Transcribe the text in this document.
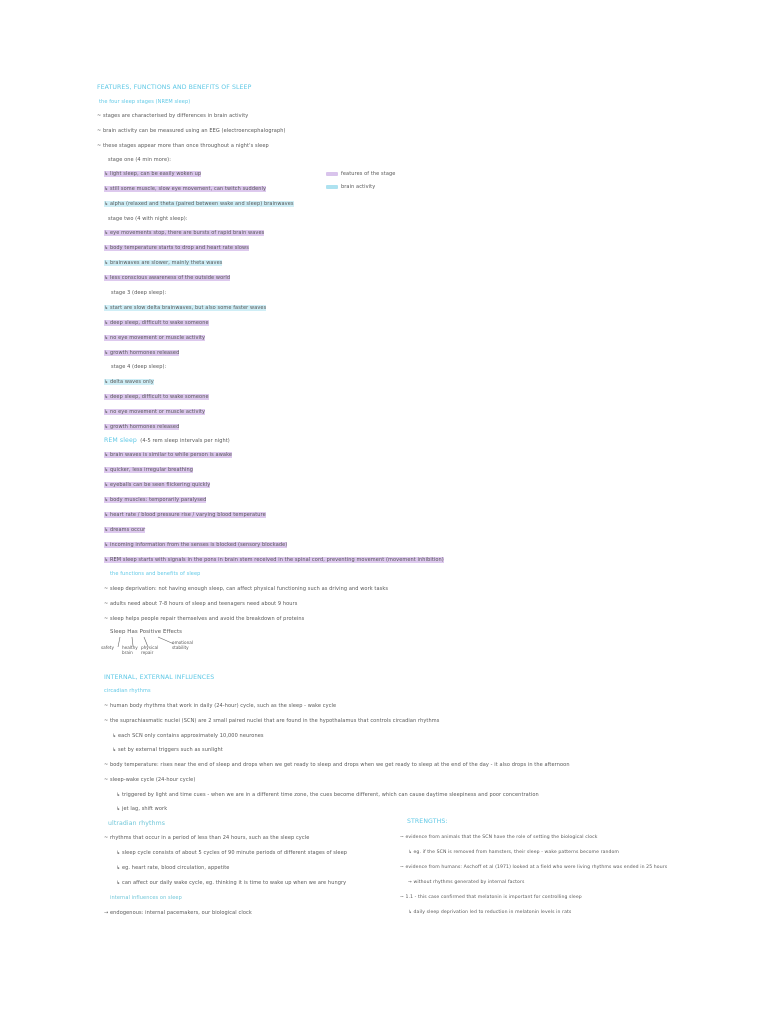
FEATURES, FUNCTIONS AND BENEFITS OF SLEEP
the four sleep stages (NREM sleep)
~ stages are characterised by differences in brain activity
~ brain activity can be measured using an EEG (electroencephalograph)
~ these stages appear more than once throughout a night's sleep
stage one (4 min more):
↳ light sleep, can be easily woken up
↳ still some muscle, slow eye movement, can twitch suddenly
↳ alpha (relaxed and theta (paired between wake and sleep) brainwaves
features of the stage
brain activity
stage two (4 with night sleep):
↳ eye movements stop, there are bursts of rapid brain waves
↳ body temperature starts to drop and heart rate slows
↳ brainwaves are slower, mainly theta waves
↳ less conscious awareness of the outside world
stage 3 (deep sleep):
↳ start are slow delta brainwaves, but also some faster waves
↳ deep sleep, difficult to wake someone
↳ no eye movement or muscle activity
↳ growth hormones released
stage 4 (deep sleep):
↳ delta waves only
↳ deep sleep, difficult to wake someone
↳ no eye movement or muscle activity
↳ growth hormones released
REM sleep (4-5 rem sleep intervals per night)
↳ brain waves is similar to while person is awake
↳ quicker, less irregular breathing
↳ eyeballs can be seen flickering quickly
↳ body muscles: temporarily paralysed
↳ heart rate / blood pressure rise / varying blood temperature
↳ dreams occur
↳ incoming information from the senses is blocked (sensory blockade)
↳ REM sleep starts with signals in the pons in brain stem received in the spinal cord, preventing movement (movement inhibition)
the functions and benefits of sleep
~ sleep deprivation: not having enough sleep, can affect physical functioning such as driving and work tasks
~ adults need about 7-8 hours of sleep and teenagers need about 9 hours
~ sleep helps people repair themselves and avoid the breakdown of proteins
Sleep Has Positive Effects
safety healthy brain
physical repair
emotional stability
INTERNAL, EXTERNAL INFLUENCES
circadian rhythms
~ human body rhythms that work in daily (24-hour) cycle, such as the sleep - wake cycle
~ the suprachiasmatic nuclei (SCN) are 2 small paired nuclei that are found in the hypothalamus that controls circadian rhythms
↳ each SCN only contains approximately 10,000 neurones
↳ set by external triggers such as sunlight
~ body temperature: rises near the end of sleep and drops when we get ready to sleep and drops when we get ready to sleep at the end of the day - it also drops in the afternoon
~ sleep-wake cycle (24-hour cycle)
↳ triggered by light and time cues - when we are in a different time zone, the cues become different, which can cause daytime sleepiness and poor concentration
↳ jet lag, shift work
ultradian rhythms
~ rhythms that occur in a period of less than 24 hours, such as the sleep cycle
↳ sleep cycle consists of about 5 cycles of 90 minute periods of different stages of sleep
↳ eg. heart rate, blood circulation, appetite
↳ can affect our daily wake cycle, eg. thinking it is time to wake up when we are hungry
internal influences on sleep
→ endogenous: internal pacemakers, our biological clock
STRENGTHS:
~ evidence from animals that the SCN have the role of setting the biological clock
↳ eg. if the SCN is removed from hamsters, their sleep - wake patterns become random
~ evidence from humans: Aschoff et al (1971) looked at a field who were living rhythms was ended in 25 hours
→ without rhythms generated by internal factors
~ 1.1 - this case confirmed that melatonin is important for controlling sleep
↳ daily sleep deprivation led to reduction in melatonin levels in rats
